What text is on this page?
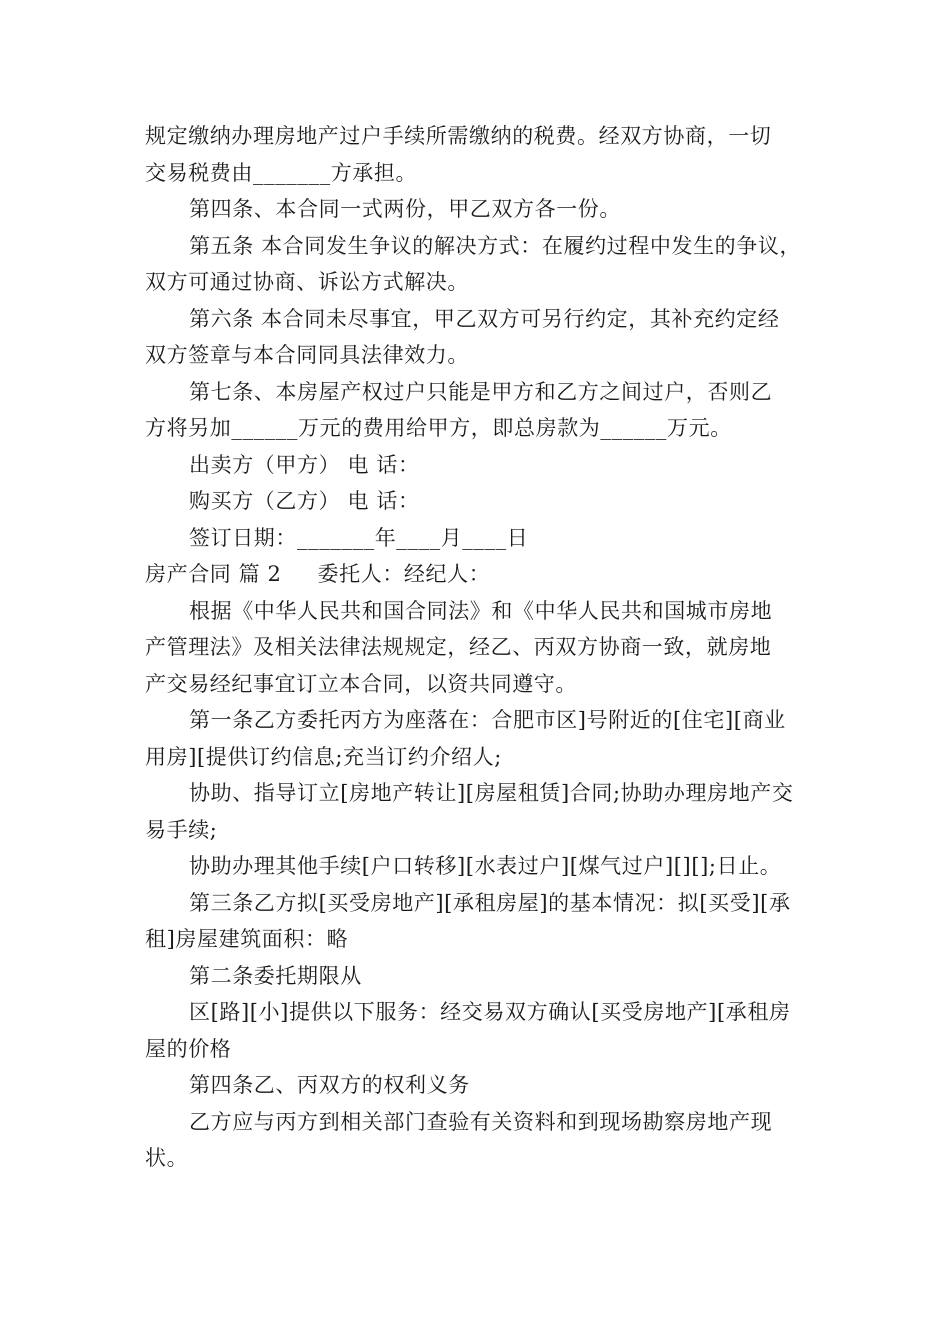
规定缴纳办理房地产过户手续所需缴纳的税费。经双方协商，一切
交易税费由_______方承担。
第四条、本合同一式两份，甲乙双方各一份。
第五条 本合同发生争议的解决方式：在履约过程中发生的争议，
双方可通过协商、诉讼方式解决。
第六条 本合同未尽事宜，甲乙双方可另行约定，其补充约定经
双方签章与本合同同具法律效力。
第七条、本房屋产权过户只能是甲方和乙方之间过户，否则乙
方将另加______万元的费用给甲方，即总房款为______万元。
出卖方（甲方） 电 话：
购买方（乙方） 电 话：
签订日期：_______年____月____日
房产合同 篇 2 委托人：经纪人：
根据《中华人民共和国合同法》和《中华人民共和国城市房地
产管理法》及相关法律法规规定，经乙、丙双方协商一致，就房地
产交易经纪事宜订立本合同，以资共同遵守。
第一条乙方委托丙方为座落在：合肥市区]号附近的[住宅][商业
用房][提供订约信息;充当订约介绍人;
协助、指导订立[房地产转让][房屋租赁]合同;协助办理房地产交
易手续;
协助办理其他手续[户口转移][水表过户][煤气过户][][];日止。
第三条乙方拟[买受房地产][承租房屋]的基本情况：拟[买受][承
租]房屋建筑面积：略
第二条委托期限从
区[路][小]提供以下服务：经交易双方确认[买受房地产][承租房
屋的价格
第四条乙、丙双方的权利义务
乙方应与丙方到相关部门查验有关资料和到现场勘察房地产现
状。
